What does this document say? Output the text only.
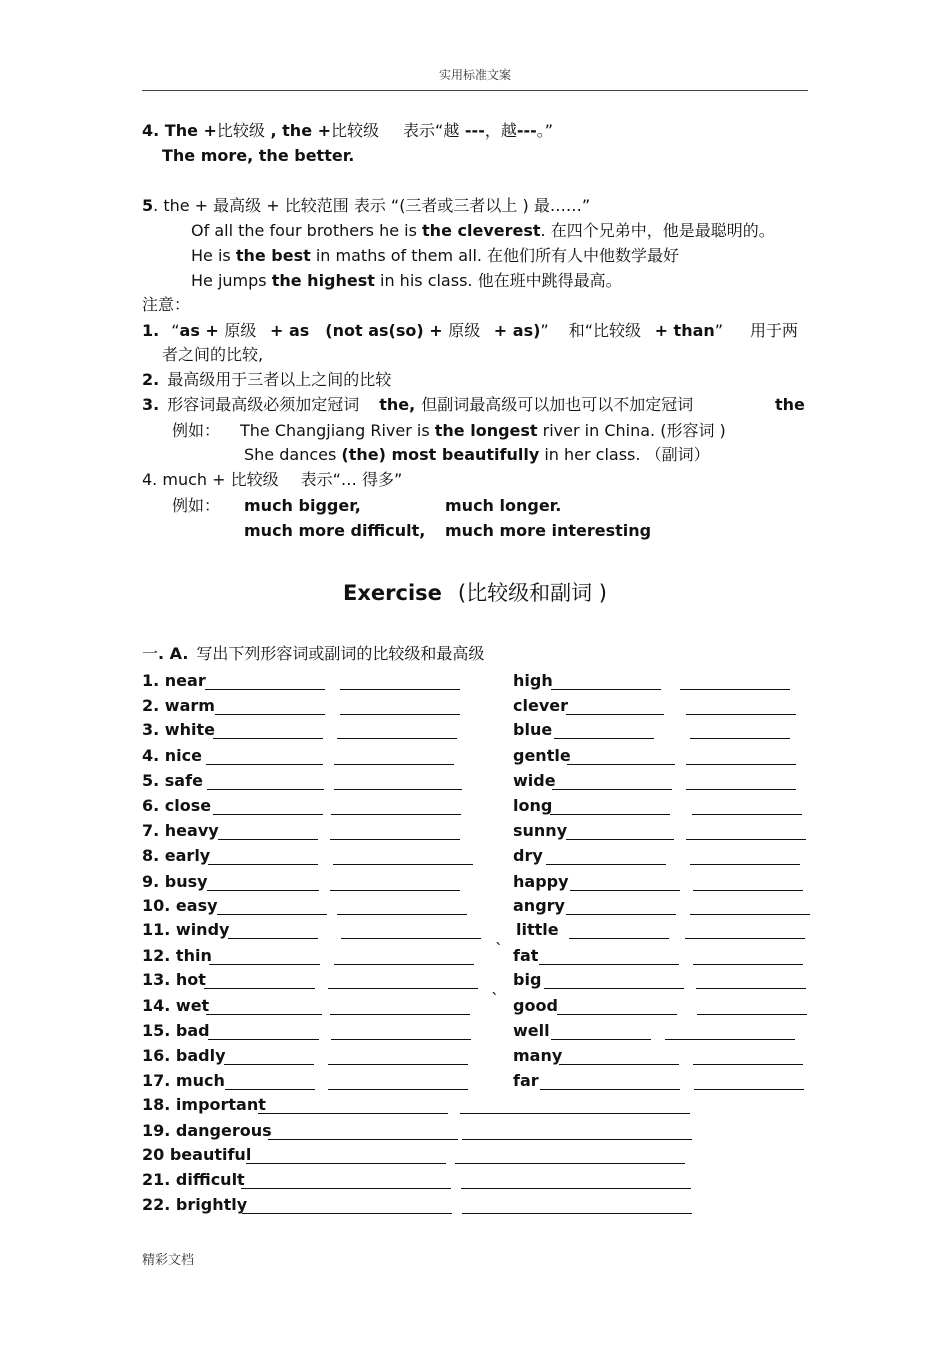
实用标准文案
4. The +比较级 , the +比较级 表示“越 ---，越---。”
The more, the better.
5. the + 最高级 + 比较范围 表示 “(三者或三者以上 ) 最……”
Of all the four brothers he is the cleverest. 在四个兄弟中，他是最聪明的。
He is the best in maths of them all. 在他们所有人中他数学最好
He jumps the highest in his class. 他在班中跳得最高。
注意：
1. “as + 原级 + as (not as(so) + 原级 + as)” 和“比较级 + than” 用于两
者之间的比较,
2. 最高级用于三者以上之间的比较
3. 形容词最高级必须加定冠词 the, 但副词最高级可以加也可以不加定冠词	the
例如： The Changjiang River is the longest river in China. (形容词 )
She dances (the) most beautifully in her class. （副词）
4. much + 比较级 表示“… 得多”
例如： much bigger,	much longer.
much more difficult, much more interesting
Exercise (比较级和副词 )
一. A. 写出下列形容词或副词的比较级和最高级
1. near	high
2. warm	clever
3. white	blue
4. nice	gentle
5. safe	wide
6. close	long
7. heavy	sunny
8. early	dry
9. busy	happy
10. easy	angry
11. windy	little
12. thin	fat
13. hot	big
14. wet	good
15. bad	well
16. badly	many
17. much	far
`
`
18. important
19. dangerous
20 beautiful
21. difficult
22. brightly
精彩文档
